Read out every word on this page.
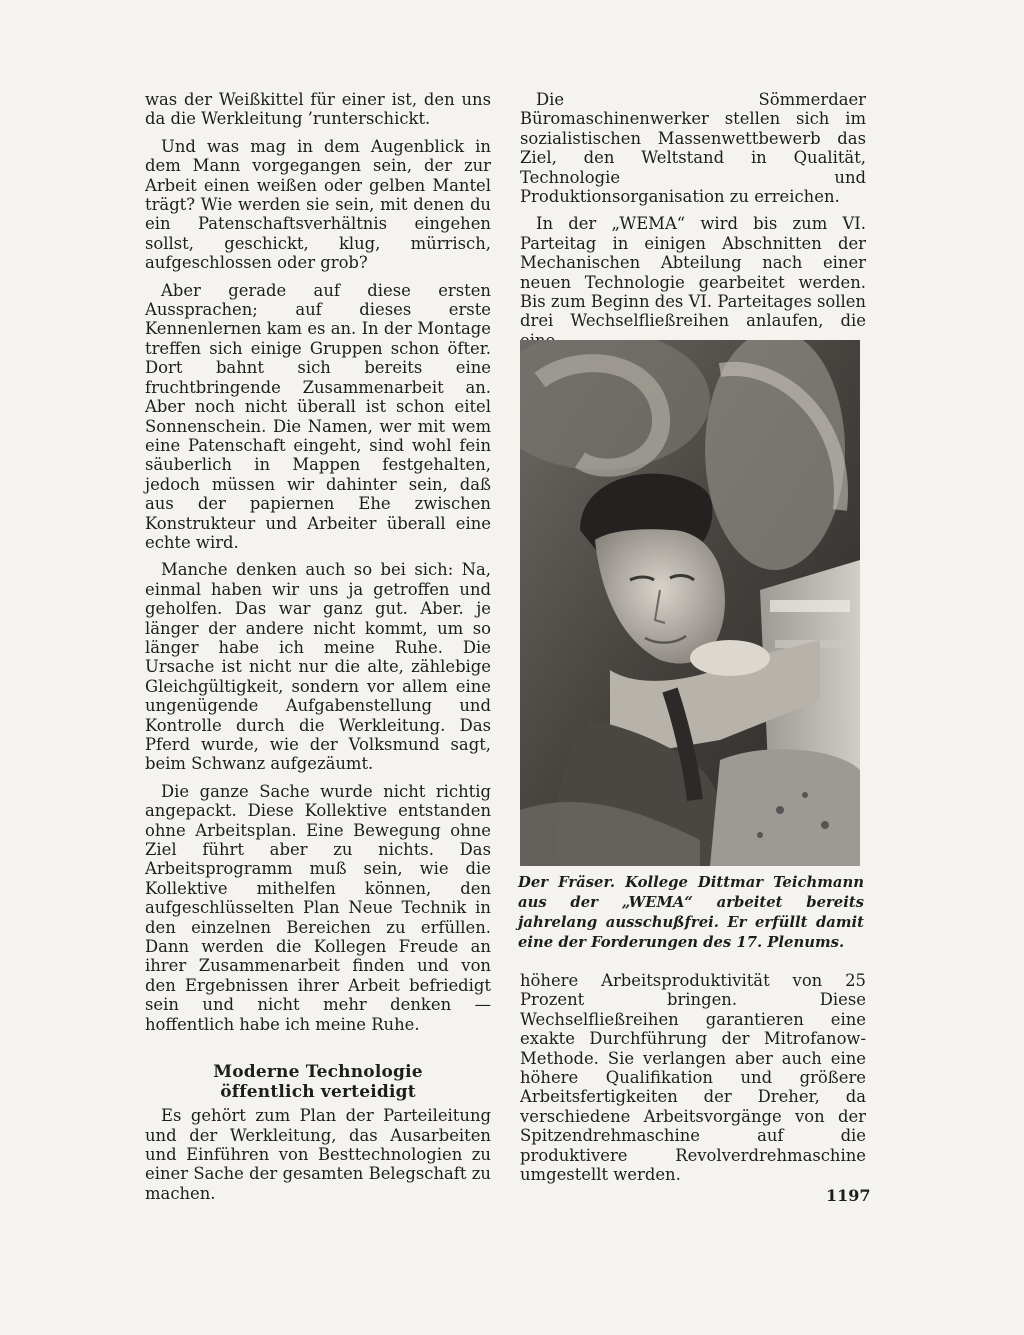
was der Weißkittel für einer ist, den uns da die Werkleitung ’runterschickt.

Und was mag in dem Augenblick in dem Mann vorgegangen sein, der zur Arbeit einen weißen oder gelben Mantel trägt? Wie werden sie sein, mit denen du ein Patenschaftsverhältnis eingehen sollst, geschickt, klug, mürrisch, aufgeschlossen oder grob?

Aber gerade auf diese ersten Aussprachen; auf dieses erste Kennenlernen kam es an. In der Montage treffen sich einige Gruppen schon öfter. Dort bahnt sich bereits eine fruchtbringende Zusammenarbeit an. Aber noch nicht überall ist schon eitel Sonnenschein. Die Namen, wer mit wem eine Patenschaft eingeht, sind wohl fein säuberlich in Mappen festgehalten, jedoch müssen wir dahinter sein, daß aus der papiernen Ehe zwischen Konstrukteur und Arbeiter überall eine echte wird.

Manche denken auch so bei sich: Na, einmal haben wir uns ja getroffen und geholfen. Das war ganz gut. Aber. je länger der andere nicht kommt, um so länger habe ich meine Ruhe. Die Ursache ist nicht nur die alte, zählebige Gleichgültigkeit, sondern vor allem eine ungenügende Aufgabenstellung und Kontrolle durch die Werkleitung. Das Pferd wurde, wie der Volksmund sagt, beim Schwanz aufgezäumt.

Die ganze Sache wurde nicht richtig angepackt. Diese Kollektive entstanden ohne Arbeitsplan. Eine Bewegung ohne Ziel führt aber zu nichts. Das Arbeitsprogramm muß sein, wie die Kollektive mithelfen können, den aufgeschlüsselten Plan Neue Technik in den einzelnen Bereichen zu erfüllen. Dann werden die Kollegen Freude an ihrer Zusammenarbeit finden und von den Ergebnissen ihrer Arbeit befriedigt sein und nicht mehr denken — hoffentlich habe ich meine Ruhe.

Moderne Technologie
öffentlich verteidigt

Es gehört zum Plan der Parteileitung und der Werkleitung, das Ausarbeiten und Einführen von Besttechnologien zu einer Sache der gesamten Belegschaft zu machen.

Die Sömmerdaer Büromaschinenwerker stellen sich im sozialistischen Massenwettbewerb das Ziel, den Weltstand in Qualität, Technologie und Produktionsorganisation zu erreichen.

In der „WEMA“ wird bis zum VI. Parteitag in einigen Abschnitten der Mechanischen Abteilung nach einer neuen Technologie gearbeitet werden. Bis zum Beginn des VI. Parteitages sollen drei Wechselfließreihen anlaufen, die

Der Fräser. Kollege Dittmar Teichmann aus der „WEMA“ arbeitet bereits jahrelang ausschußfrei. Er erfüllt damit eine der Forderungen des 17. Plenums.

höhere Arbeitsproduktivität von 25 Prozent bringen. Diese Wechselfließreihen garantieren eine exakte Durchführung der Mitrofanow-Methode. Sie verlangen aber auch eine höhere Qualifikation und größere Arbeitsfertigkeiten der Dreher, da verschiedene Arbeitsvorgänge von der Spitzendrehmaschine auf die produktivere Revolverdrehmaschine umgestellt werden.

1197
